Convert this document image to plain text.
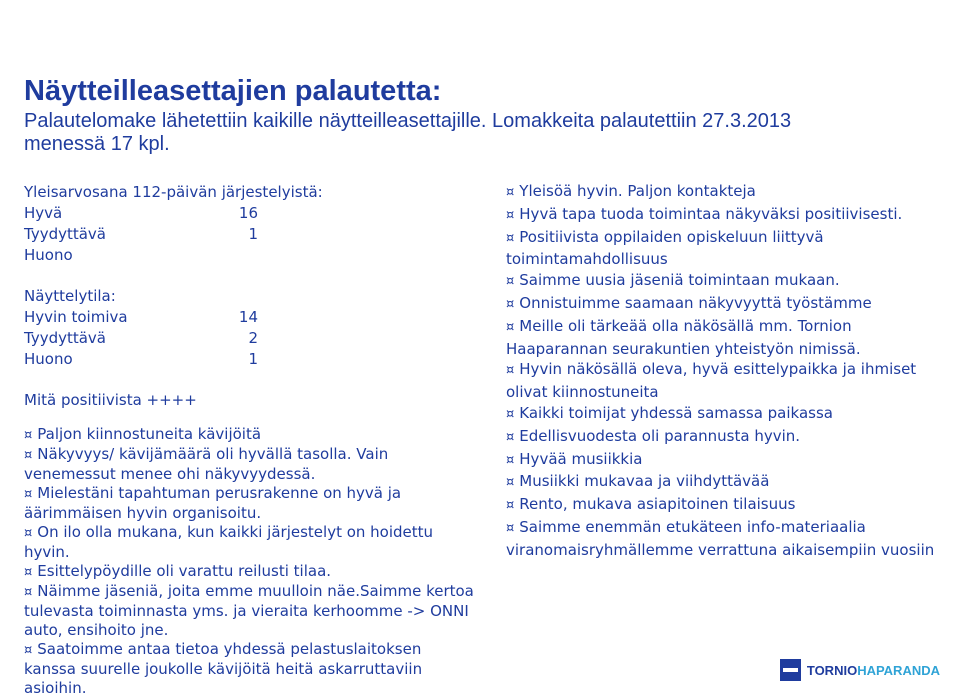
Näytteilleasettajien palautetta:
Palautelomake lähetettiin kaikille näytteilleasettajille. Lomakkeita palautettiin 27.3.2013 menessä 17 kpl.
Yleisarvosana 112-päivän järjestelyistä:
Hyvä	16
Tyydyttävä	1
Huono
Näyttelytila:
Hyvin toimiva	14
Tyydyttävä	2
Huono	1
Mitä positiivista ++++
¤ Paljon kiinnostuneita kävijöitä
¤ Näkyvyys/ kävijämäärä oli hyvällä tasolla. Vain venemessut menee ohi näkyvyydessä.
¤ Mielestäni tapahtuman perusrakenne on hyvä ja äärimmäisen hyvin organisoitu.
¤ On ilo olla mukana, kun kaikki järjestelyt on hoidettu hyvin.
¤ Esittelypöydille oli varattu reilusti tilaa.
¤ Näimme jäseniä, joita emme muulloin näe.Saimme kertoa tulevasta toiminnasta yms. ja vieraita kerhoomme -> ONNI auto, ensihoito jne.
¤ Saatoimme antaa tietoa yhdessä pelastuslaitoksen kanssa suurelle joukolle kävijöitä heitä askarruttaviin asioihin.
¤ Yleisöä hyvin. Paljon kontakteja
¤ Hyvä tapa tuoda toimintaa näkyväksi positiivisesti.
¤ Positiivista oppilaiden opiskeluun liittyvä toimintamahdollisuus
¤ Saimme uusia jäseniä toimintaan mukaan.
¤ Onnistuimme saamaan näkyvyyttä työstämme
¤ Meille oli tärkeää olla näkösällä mm. Tornion Haaparannan seurakuntien yhteistyön nimissä.
¤ Hyvin näkösällä oleva, hyvä esittelypaikka ja ihmiset olivat kiinnostuneita
¤ Kaikki toimijat yhdessä samassa paikassa
¤ Edellisvuodesta oli parannusta hyvin.
¤ Hyvää musiikkia
¤ Musiikki mukavaa ja viihdyttävää
¤ Rento, mukava asiapitoinen tilaisuus
¤ Saimme enemmän etukäteen info-materiaalia viranomaisryhmällemme verrattuna aikaisempiin vuosiin
TORNIOHAPARANDA
